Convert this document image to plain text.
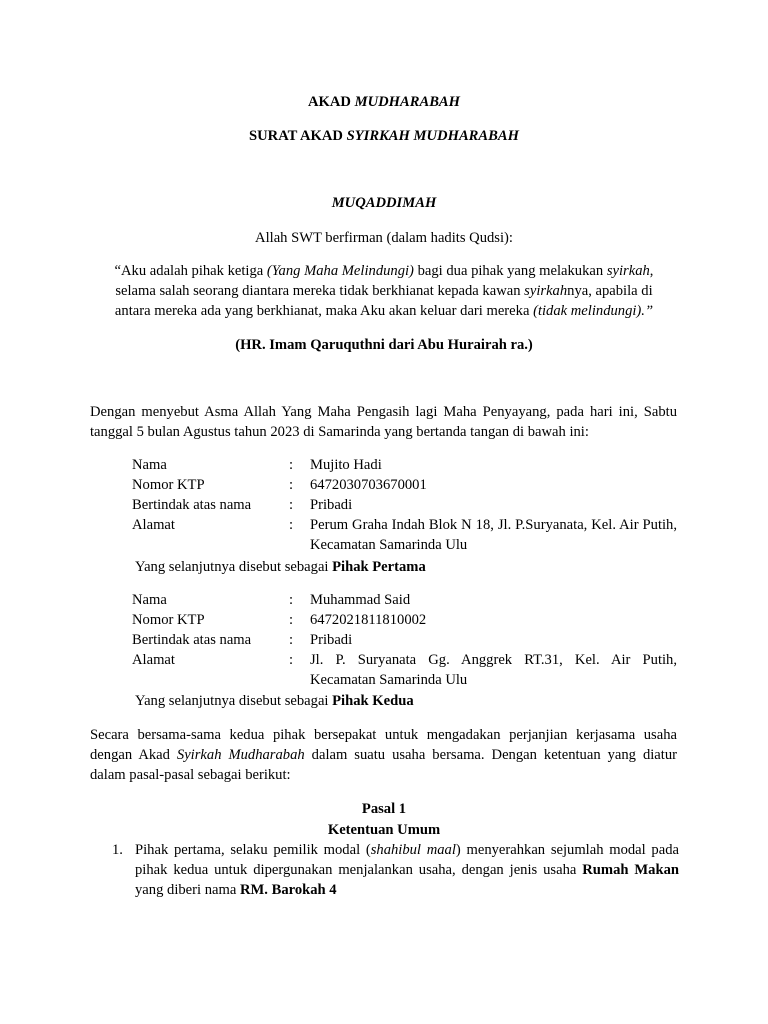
AKAD MUDHARABAH
SURAT AKAD SYIRKAH MUDHARABAH
MUQADDIMAH
Allah SWT berfirman (dalam hadits Qudsi):
“Aku adalah pihak ketiga (Yang Maha Melindungi) bagi dua pihak yang melakukan syirkah,
selama salah seorang diantara mereka tidak berkhianat kepada kawan syirkahnya, apabila di
antara mereka ada yang berkhianat, maka Aku akan keluar dari mereka (tidak melindungi).”
(HR. Imam Qaruquthni dari Abu Hurairah ra.)
Dengan menyebut Asma Allah Yang Maha Pengasih lagi Maha Penyayang, pada hari ini, Sabtu tanggal 5 bulan Agustus tahun 2023 di Samarinda yang bertanda tangan di bawah ini:
Nama	:	Mujito Hadi
Nomor KTP	:	6472030703670001
Bertindak atas nama	:	Pribadi
Alamat	:	Perum Graha Indah Blok N 18, Jl. P.Suryanata, Kel. Air Putih, Kecamatan Samarinda Ulu
Yang selanjutnya disebut sebagai Pihak Pertama
Nama	:	Muhammad Said
Nomor KTP	:	6472021811810002
Bertindak atas nama	:	Pribadi
Alamat	:	Jl. P. Suryanata Gg. Anggrek RT.31, Kel. Air Putih, Kecamatan Samarinda Ulu
Yang selanjutnya disebut sebagai Pihak Kedua
Secara bersama-sama kedua pihak bersepakat untuk mengadakan perjanjian kerjasama usaha dengan Akad Syirkah Mudharabah dalam suatu usaha bersama. Dengan ketentuan yang diatur dalam pasal-pasal sebagai berikut:
Pasal 1
Ketentuan Umum
1. Pihak pertama, selaku pemilik modal (shahibul maal) menyerahkan sejumlah modal pada pihak kedua untuk dipergunakan menjalankan usaha, dengan jenis usaha Rumah Makan yang diberi nama RM. Barokah 4
